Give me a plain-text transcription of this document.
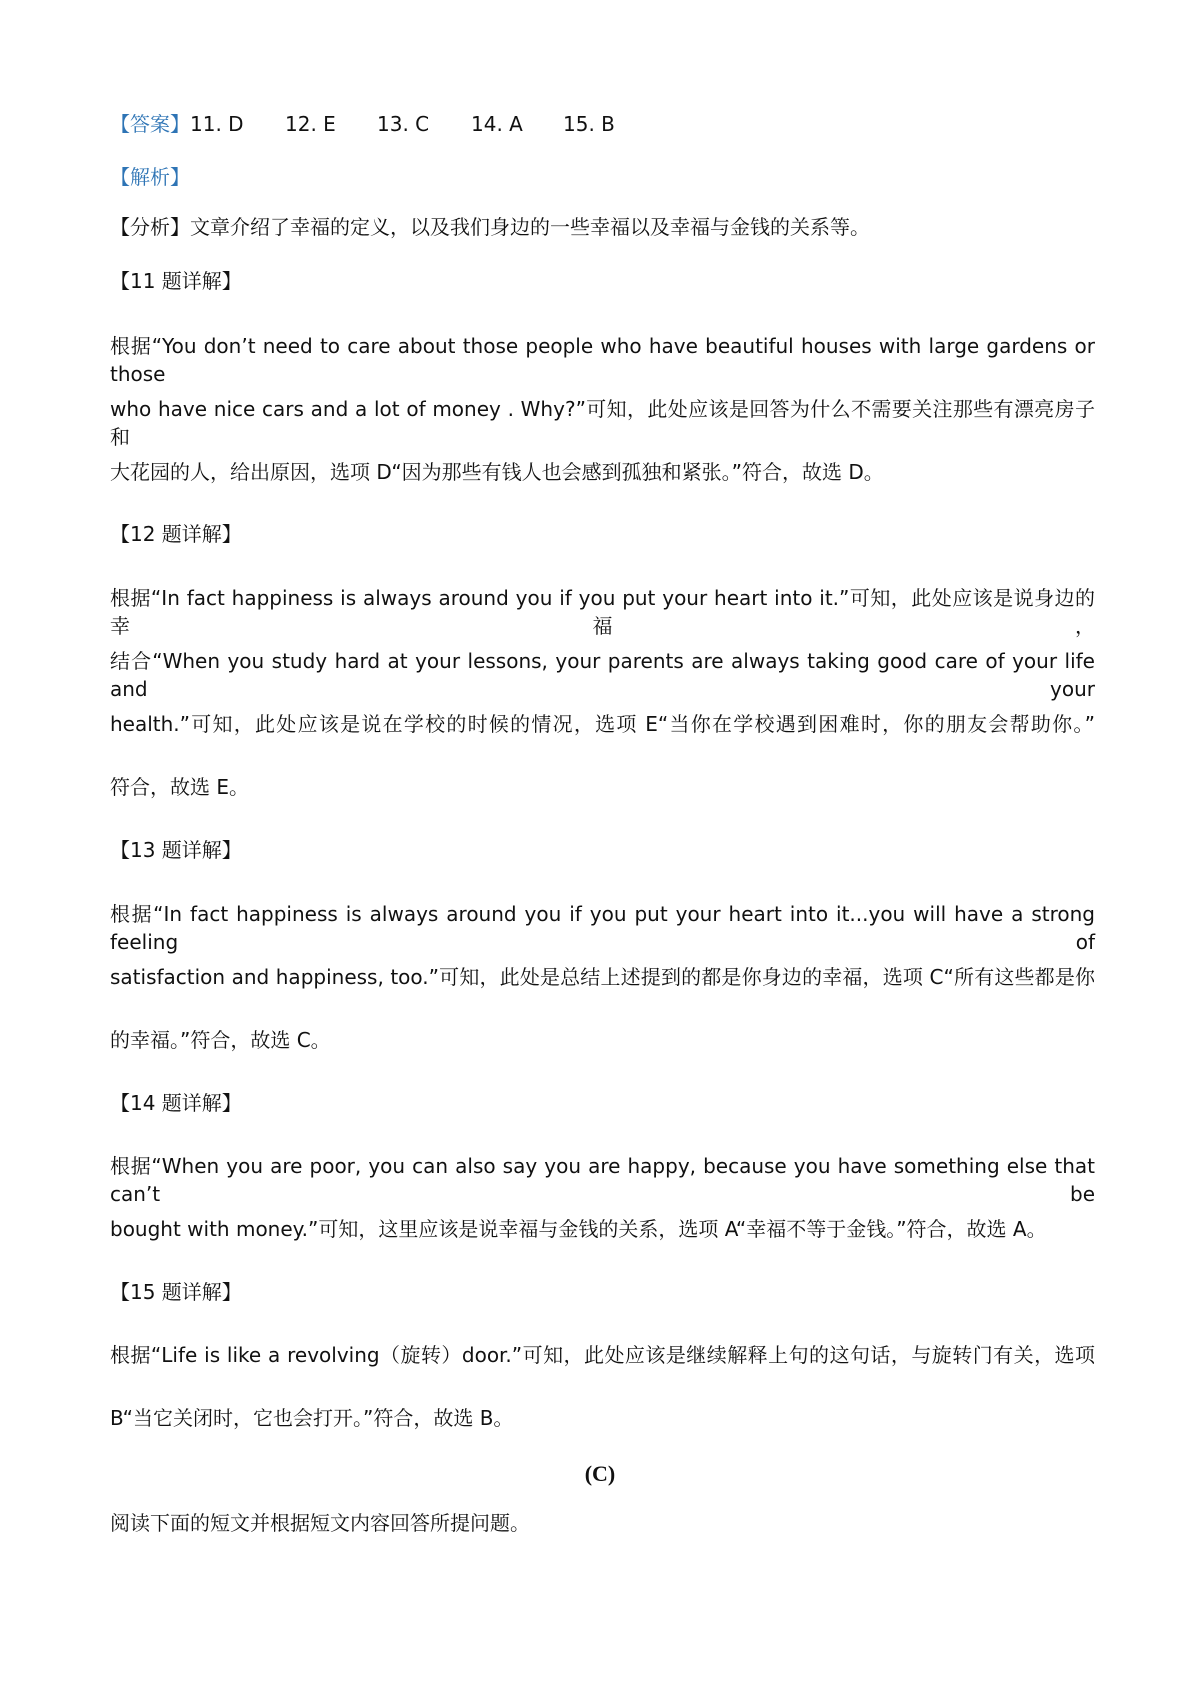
【答案】11. D 12. E 13. C 14. A 15. B
【解析】
【分析】文章介绍了幸福的定义，以及我们身边的一些幸福以及幸福与金钱的关系等。
【11 题详解】
根据“You don’t need to care about those people who have beautiful houses with large gardens or those
who have nice cars and a lot of money . Why?”可知，此处应该是回答为什么不需要关注那些有漂亮房子和
大花园的人，给出原因，选项 D“因为那些有钱人也会感到孤独和紧张。”符合，故选 D。
【12 题详解】
根据“In fact happiness is always around you if you put your heart into it.”可知，此处应该是说身边的幸福，
结合“When you study hard at your lessons, your parents are always taking good care of your life and your
health.”可知，此处应该是说在学校的时候的情况，选项 E“当你在学校遇到困难时，你的朋友会帮助你。”
符合，故选 E。
【13 题详解】
根据“In fact happiness is always around you if you put your heart into it...you will have a strong feeling of
satisfaction and happiness, too.”可知，此处是总结上述提到的都是你身边的幸福，选项 C“所有这些都是你
的幸福。”符合，故选 C。
【14 题详解】
根据“When you are poor, you can also say you are happy, because you have something else that can’t be
bought with money.”可知，这里应该是说幸福与金钱的关系，选项 A“幸福不等于金钱。”符合，故选 A。
【15 题详解】
根据“Life is like a revolving（旋转）door.”可知，此处应该是继续解释上句的这句话，与旋转门有关，选项
B“当它关闭时，它也会打开。”符合，故选 B。
(C)
阅读下面的短文并根据短文内容回答所提问题。
